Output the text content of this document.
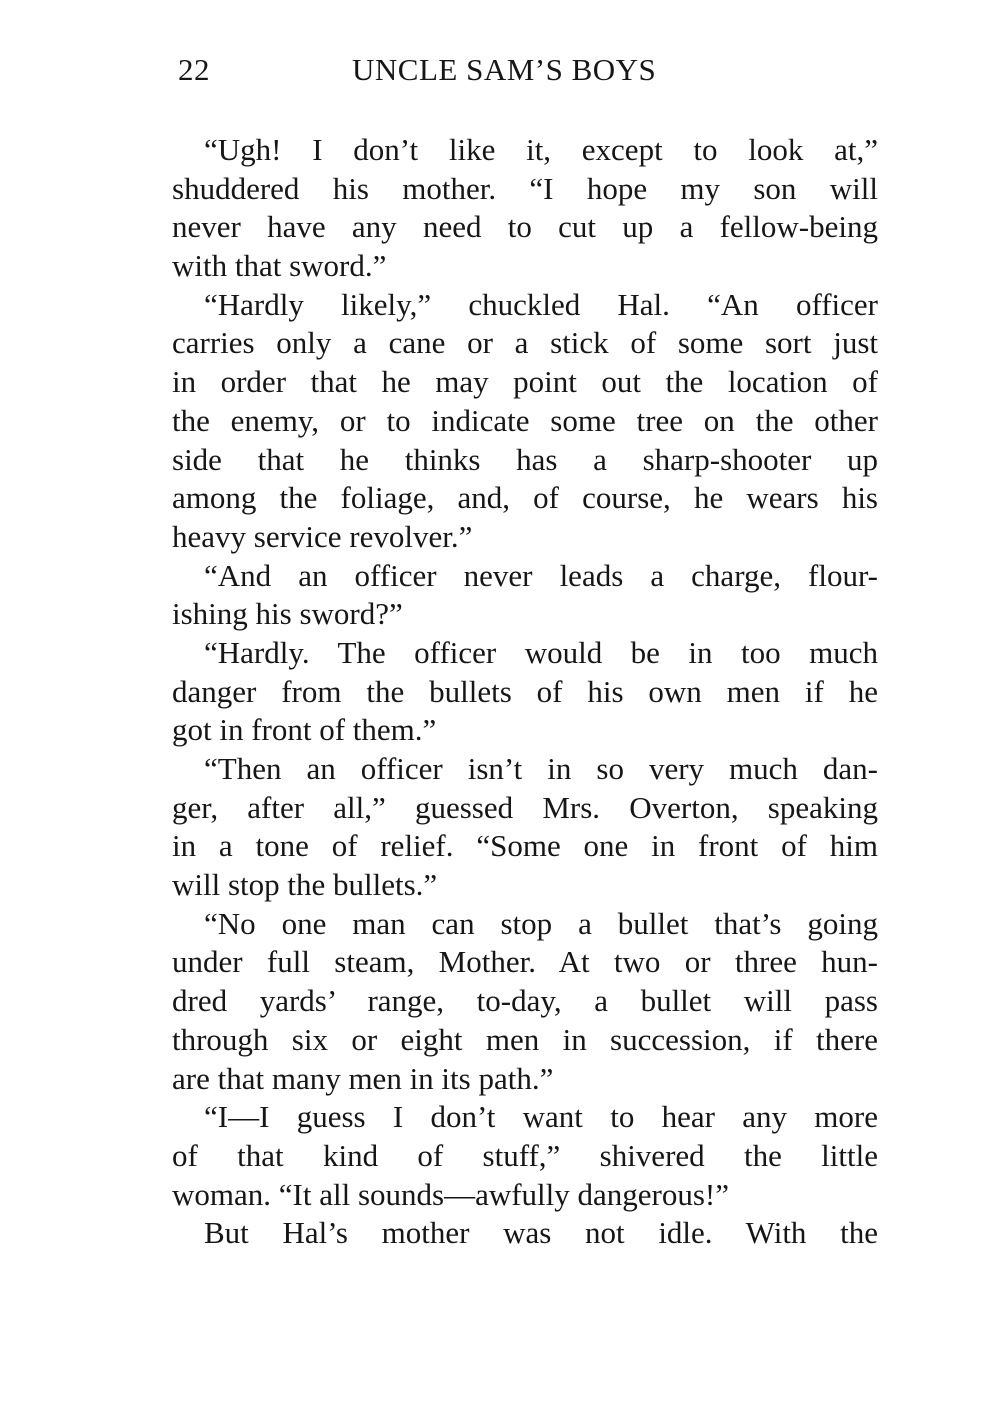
22	UNCLE SAM’S BOYS
“Ugh! I don’t like it, except to look at,”
shuddered his mother. “I hope my son will
never have any need to cut up a fellow-being
with that sword.”
“Hardly likely,” chuckled Hal. “An officer
carries only a cane or a stick of some sort just
in order that he may point out the location of
the enemy, or to indicate some tree on the other
side that he thinks has a sharp-shooter up
among the foliage, and, of course, he wears his
heavy service revolver.”
“And an officer never leads a charge, flour-
ishing his sword?”
“Hardly. The officer would be in too much
danger from the bullets of his own men if he
got in front of them.”
“Then an officer isn’t in so very much dan-
ger, after all,” guessed Mrs. Overton, speaking
in a tone of relief. “Some one in front of him
will stop the bullets.”
“No one man can stop a bullet that’s going
under full steam, Mother. At two or three hun-
dred yards’ range, to-day, a bullet will pass
through six or eight men in succession, if there
are that many men in its path.”
“I—I guess I don’t want to hear any more
of that kind of stuff,” shivered the little
woman. “It all sounds—awfully dangerous!”
But Hal’s mother was not idle. With the
